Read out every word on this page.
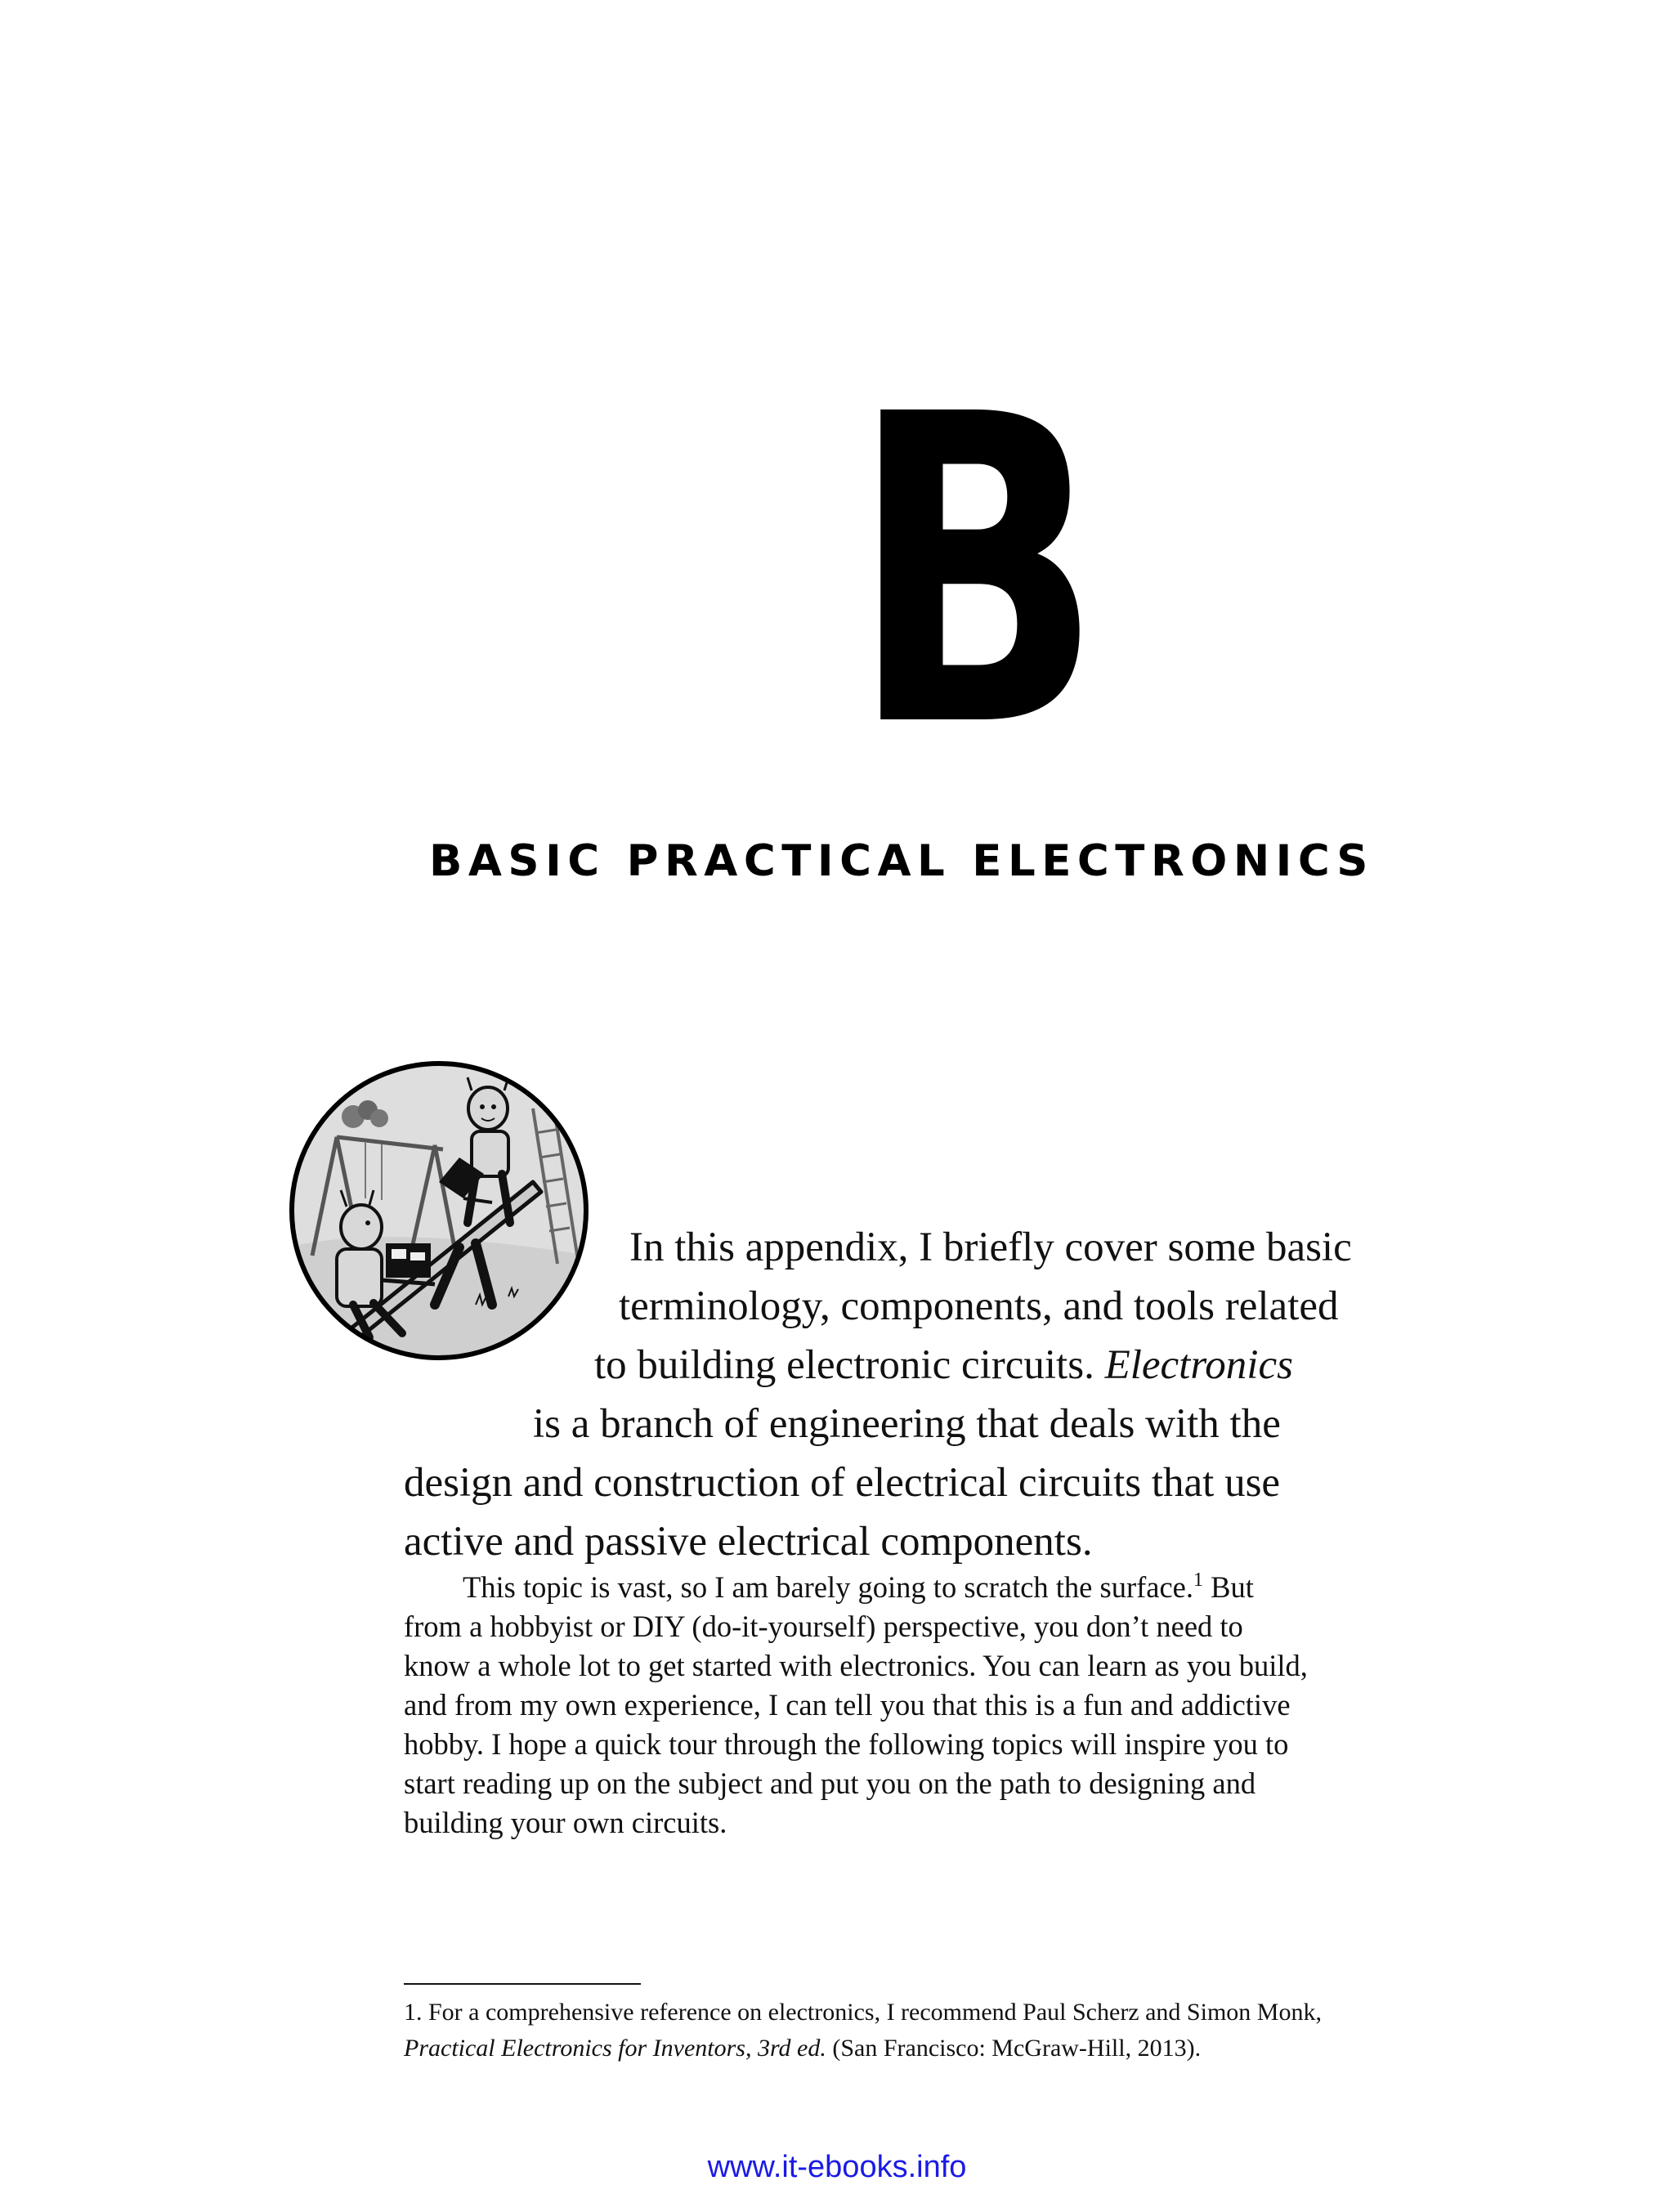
B
BASIC PRACTICAL ELECTRONICS
In this appendix, I briefly cover some basic
terminology, components, and tools related
to building electronic circuits. Electronics
is a branch of engineering that deals with the
design and construction of electrical circuits that use
active and passive electrical components.
This topic is vast, so I am barely going to scratch the surface.$^1$ But
from a hobbyist or DIY (do-it-yourself) perspective, you don’t need to
know a whole lot to get started with electronics. You can learn as you build,
and from my own experience, I can tell you that this is a fun and addictive
hobby. I hope a quick tour through the following topics will inspire you to
start reading up on the subject and put you on the path to designing and
building your own circuits.
1. For a comprehensive reference on electronics, I recommend Paul Scherz and Simon Monk,
Practical Electronics for Inventors, 3rd ed. (San Francisco: McGraw-Hill, 2013).
www.it-ebooks.info
